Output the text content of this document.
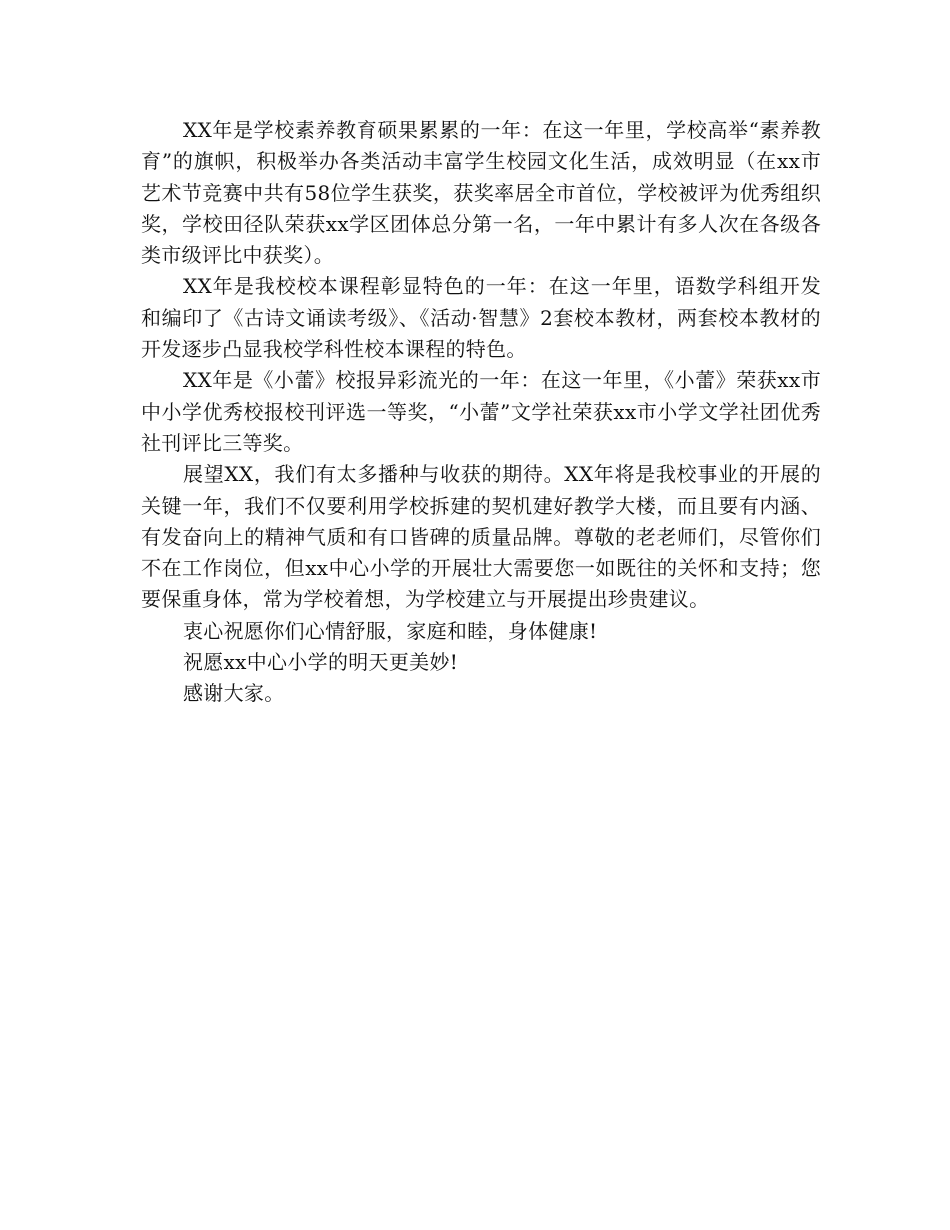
XX年是学校素养教育硕果累累的一年：在这一年里，学校高举“素养教育”的旗帜，积极举办各类活动丰富学生校园文化生活，成效明显（在xx市艺术节竞赛中共有58位学生获奖，获奖率居全市首位，学校被评为优秀组织奖，学校田径队荣获xx学区团体总分第一名，一年中累计有多人次在各级各类市级评比中获奖）。

XX年是我校校本课程彰显特色的一年：在这一年里，语数学科组开发和编印了《古诗文诵读考级》、《活动·智慧》2套校本教材，两套校本教材的开发逐步凸显我校学科性校本课程的特色。

XX年是《小蕾》校报异彩流光的一年：在这一年里，《小蕾》荣获xx市中小学优秀校报校刊评选一等奖，“小蕾”文学社荣获xx市小学文学社团优秀社刊评比三等奖。

展望XX，我们有太多播种与收获的期待。XX年将是我校事业的开展的关键一年，我们不仅要利用学校拆建的契机建好教学大楼，而且要有内涵、有发奋向上的精神气质和有口皆碑的质量品牌。尊敬的老老师们，尽管你们不在工作岗位，但xx中心小学的开展壮大需要您一如既往的关怀和支持；您要保重身体，常为学校着想，为学校建立与开展提出珍贵建议。

衷心祝愿你们心情舒服，家庭和睦，身体健康!

祝愿xx中心小学的明天更美妙!

感谢大家。
